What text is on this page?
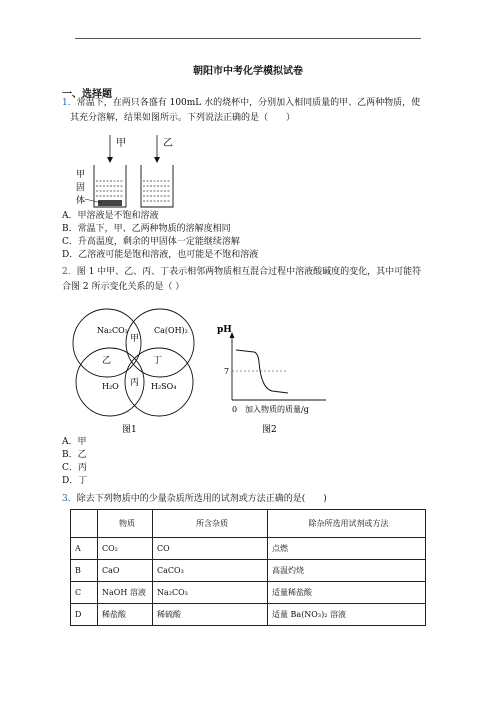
朝阳市中考化学模拟试卷
一、选择题
1．常温下，在两只各盛有 100mL 水的烧杯中，分别加入相同质量的甲、乙两种物质，使
其充分溶解，结果如图所示。下列说法正确的是（　　）
甲	乙
甲
固
体
A．甲溶液是不饱和溶液
B．常温下，甲、乙两种物质的溶解度相同
C．升高温度，剩余的甲固体一定能继续溶解
D．乙溶液可能是饱和溶液，也可能是不饱和溶液
2．图 1 中甲、乙、丙、丁表示相邻两物质相互混合过程中溶液酸碱度的变化，其中可能符
合图 2 所示变化关系的是（ ）
Na₂CO₃	Ca(OH)₂
H₂O	H₂SO₄
甲
乙	丁
丙
图1
pH
7
0 加入物质的质量/g
图2
A．甲
B．乙
C．丙
D．丁
3．除去下列物质中的少量杂质所选用的试剂或方法正确的是(　　)
	物质	所含杂质	除杂所选用试剂或方法
A	CO₂	CO	点燃
B	CaO	CaCO₃	高温灼烧
C	NaOH 溶液	Na₂CO₃	适量稀盐酸
D	稀盐酸	稀硫酸	适量 Ba(NO₃)₂ 溶液
